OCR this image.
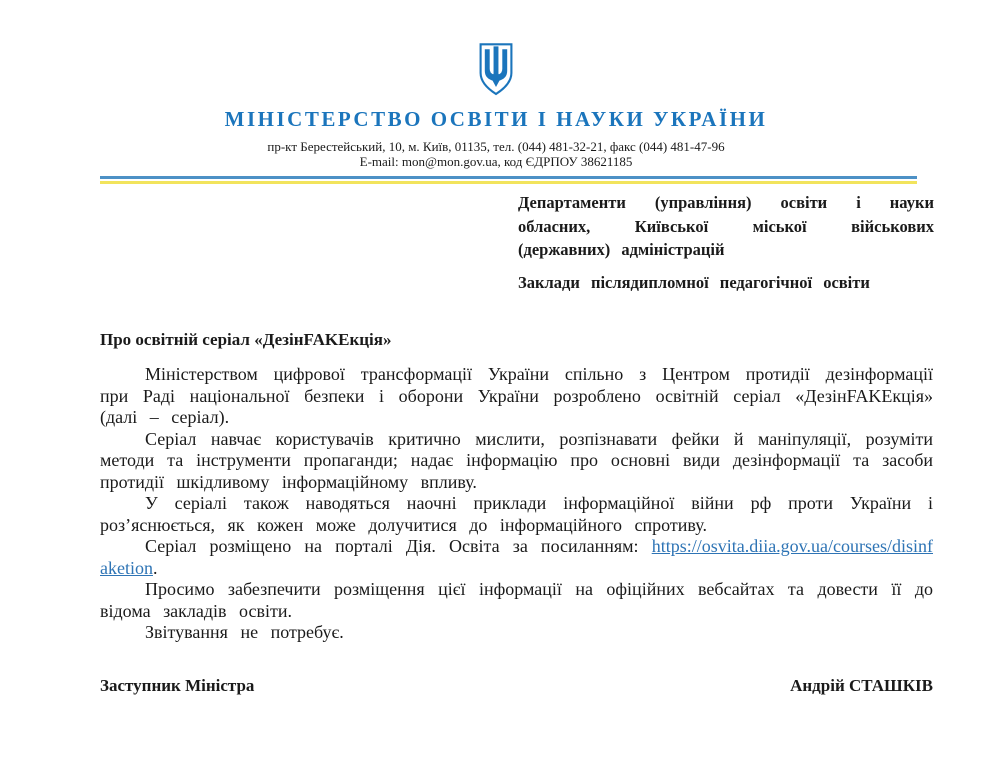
МІНІСТЕРСТВО ОСВІТИ І НАУКИ УКРАЇНИ
пр-кт Берестейський, 10, м. Київ, 01135, тел. (044) 481-32-21, факс (044) 481-47-96
E-mail: mon@mon.gov.ua, код ЄДРПОУ 38621185

Департаменти (управління) освіти і науки обласних, Київської міської військових (державних) адміністрацій

Заклади післядипломної педагогічної освіти

Про освітній серіал «ДезінFAKEкція»

Міністерством цифрової трансформації України спільно з Центром протидії дезінформації при Раді національної безпеки і оборони України розроблено освітній серіал «ДезінFAKEкція» (далі – серіал).

Серіал навчає користувачів критично мислити, розпізнавати фейки й маніпуляції, розуміти методи та інструменти пропаганди; надає інформацію про основні види дезінформації та засоби протидії шкідливому інформаційному впливу.

У серіалі також наводяться наочні приклади інформаційної війни рф проти України і роз’яснюється, як кожен може долучитися до інформаційного спротиву.

Серіал розміщено на порталі Дія. Освіта за посиланням: https://osvita.diia.gov.ua/courses/disinfaketion.

Просимо забезпечити розміщення цієї інформації на офіційних вебсайтах та довести її до відома закладів освіти.

Звітування не потребує.

Заступник Міністра	Андрій СТАШКІВ
